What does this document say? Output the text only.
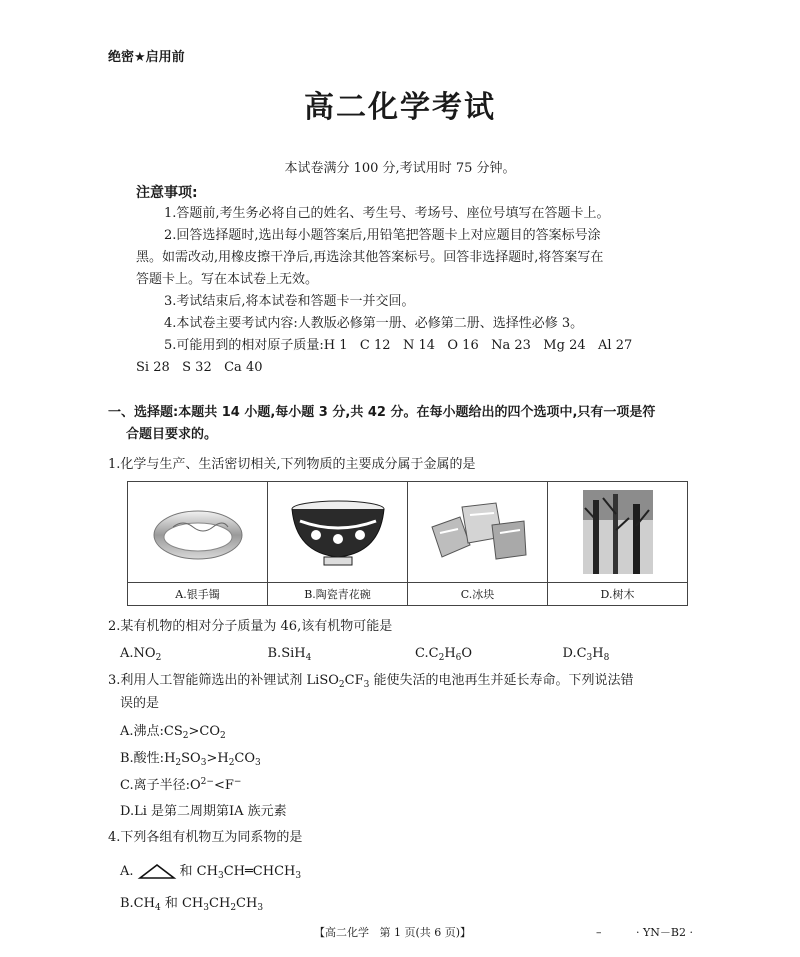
绝密★启用前
高二化学考试
本试卷满分 100 分,考试用时 75 分钟。
注意事项:
1.答题前,考生务必将自己的姓名、考生号、考场号、座位号填写在答题卡上。
2.回答选择题时,选出每小题答案后,用铅笔把答题卡上对应题目的答案标号涂
黑。如需改动,用橡皮擦干净后,再选涂其他答案标号。回答非选择题时,将答案写在
答题卡上。写在本试卷上无效。
3.考试结束后,将本试卷和答题卡一并交回。
4.本试卷主要考试内容:人教版必修第一册、必修第二册、选择性必修 3。
5.可能用到的相对原子质量:H 1   C 12   N 14   O 16   Na 23   Mg 24   Al 27
Si 28   S 32   Ca 40
一、选择题:本题共 14 小题,每小题 3 分,共 42 分。在每小题给出的四个选项中,只有一项是符
合题目要求的。
1.化学与生产、生活密切相关,下列物质的主要成分属于金属的是
A.银手镯	B.陶瓷青花碗	C.冰块	D.树木
2.某有机物的相对分子质量为 46,该有机物可能是
$A.NO_2$	B.SiH$_4$	$C.C_2H_6O$	$D.C_3H_8$
3.利用人工智能筛选出的补锂试剂 $LiSO_2CF_3$ 能使失活的电池再生并延长寿命。下列说法错
误的是
A.沸点$:CS_2>CO_2$
B.酸性$:H_2SO_3>H_2CO_3$
C.离子半径$:O^{2-}<F^-$
D.Li 是第二周期第ⅠA 族元素
4.下列各组有机物互为同系物的是
A.	和 $CH_3CH═CHCH_3$
$B.CH_4$ 和 $CH_3CH_2CH_3$
【高二化学   第 1 页(共 6 页)】	–	· YN－B2 ·
